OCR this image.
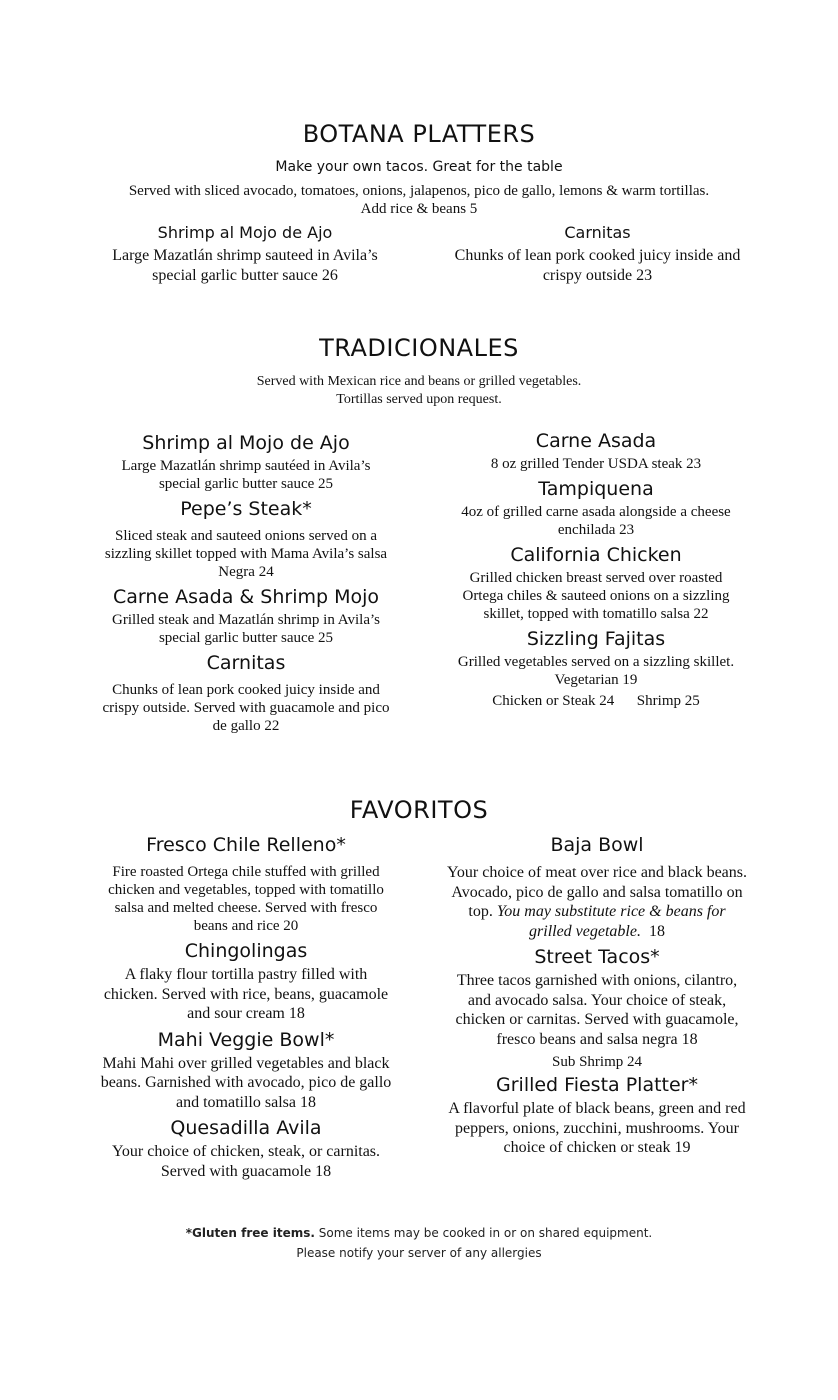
BOTANA PLATTERS
Make your own tacos. Great for the table
Served with sliced avocado, tomatoes, onions, jalapenos, pico de gallo, lemons & warm tortillas.
Add rice & beans 5
Shrimp al Mojo de Ajo
Large Mazatlán shrimp sauteed in Avila’s special garlic butter sauce 26
Carnitas
Chunks of lean pork cooked juicy inside and crispy outside 23
TRADICIONALES
Served with Mexican rice and beans or grilled vegetables.
Tortillas served upon request.
Shrimp al Mojo de Ajo
Large Mazatlán shrimp sautéed in Avila’s special garlic butter sauce 25
Pepe’s Steak*
Sliced steak and sauteed onions served on a sizzling skillet topped with Mama Avila’s salsa Negra 24
Carne Asada & Shrimp Mojo
Grilled steak and Mazatlán shrimp in Avila’s special garlic butter sauce 25
Carnitas
Chunks of lean pork cooked juicy inside and crispy outside. Served with guacamole and pico de gallo 22
Carne Asada
8 oz grilled Tender USDA steak 23
Tampiquena
4oz of grilled carne asada alongside a cheese enchilada 23
California Chicken
Grilled chicken breast served over roasted Ortega chiles & sauteed onions on a sizzling skillet, topped with tomatillo salsa 22
Sizzling Fajitas
Grilled vegetables served on a sizzling skillet.
Vegetarian 19
Chicken or Steak 24      Shrimp 25
FAVORITOS
Fresco Chile Relleno*
Fire roasted Ortega chile stuffed with grilled chicken and vegetables, topped with tomatillo salsa and melted cheese. Served with fresco beans and rice 20
Chingolingas
A flaky flour tortilla pastry filled with chicken. Served with rice, beans, guacamole and sour cream 18
Mahi Veggie Bowl*
Mahi Mahi over grilled vegetables and black beans. Garnished with avocado, pico de gallo and tomatillo salsa 18
Quesadilla Avila
Your choice of chicken, steak, or carnitas. Served with guacamole 18
Baja Bowl
Your choice of meat over rice and black beans. Avocado, pico de gallo and salsa tomatillo on top. You may substitute rice & beans for grilled vegetable. 18
Street Tacos*
Three tacos garnished with onions, cilantro, and avocado salsa. Your choice of steak, chicken or carnitas. Served with guacamole, fresco beans and salsa negra 18
Sub Shrimp 24
Grilled Fiesta Platter*
A flavorful plate of black beans, green and red peppers, onions, zucchini, mushrooms. Your choice of chicken or steak 19
*Gluten free items. Some items may be cooked in or on shared equipment.
Please notify your server of any allergies
